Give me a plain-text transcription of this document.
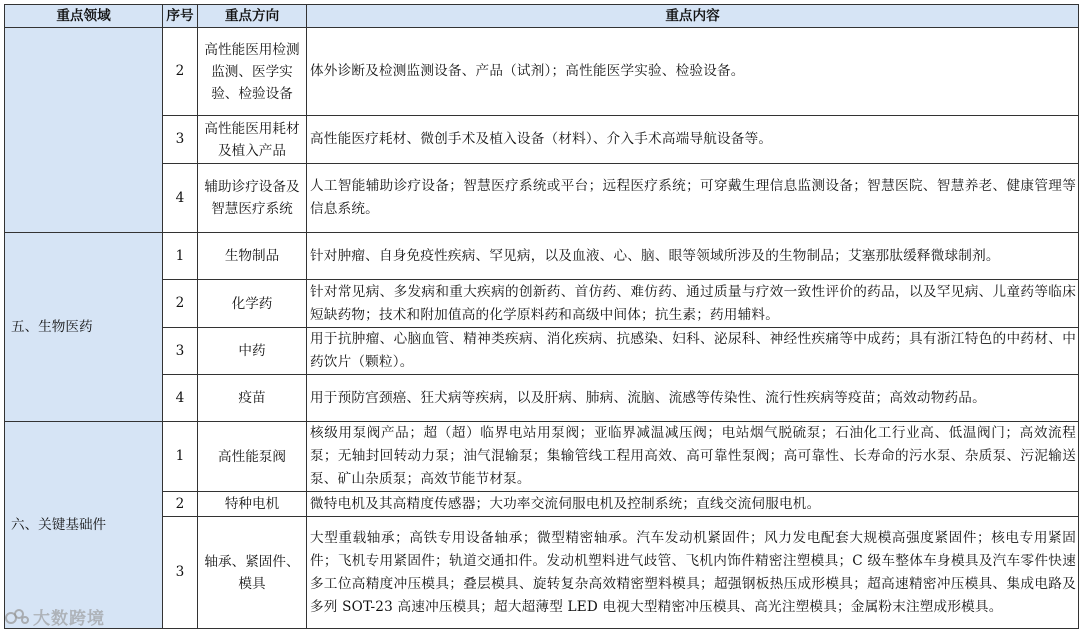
重点领域	序号	重点方向	重点内容
	2	高性能医用检测监测、医学实验、检验设备	体外诊断及检测监测设备、产品（试剂）；高性能医学实验、检验设备。
	3	高性能医用耗材及植入产品	高性能医疗耗材、微创手术及植入设备（材料）、介入手术高端导航设备等。
	4	辅助诊疗设备及智慧医疗系统	人工智能辅助诊疗设备；智慧医疗系统或平台；远程医疗系统；可穿戴生理信息监测设备；智慧医院、智慧养老、健康管理等信息系统。
五、生物医药	1	生物制品	针对肿瘤、自身免疫性疾病、罕见病，以及血液、心、脑、眼等领域所涉及的生物制品；艾塞那肽缓释微球制剂。
	2	化学药	针对常见病、多发病和重大疾病的创新药、首仿药、难仿药、通过质量与疗效一致性评价的药品，以及罕见病、儿童药等临床短缺药物；技术和附加值高的化学原料药和高级中间体；抗生素；药用辅料。
	3	中药	用于抗肿瘤、心脑血管、精神类疾病、消化疾病、抗感染、妇科、泌尿科、神经性疾痛等中成药；具有浙江特色的中药材、中药饮片（颗粒）。
	4	疫苗	用于预防宫颈癌、狂犬病等疾病，以及肝病、肺病、流脑、流感等传染性、流行性疾病等疫苗；高效动物药品。
六、关键基础件	1	高性能泵阀	核级用泵阀产品；超（超）临界电站用泵阀；亚临界减温减压阀；电站烟气脱硫泵；石油化工行业高、低温阀门；高效流程泵；无轴封回转动力泵；油气混输泵；集输管线工程用高效、高可靠性泵阀；高可靠性、长寿命的污水泵、杂质泵、污泥输送泵、矿山杂质泵；高效节能节材泵。
	2	特种电机	微特电机及其高精度传感器；大功率交流伺服电机及控制系统；直线交流伺服电机。
	3	轴承、紧固件、模具	大型重载轴承；高铁专用设备轴承；微型精密轴承。汽车发动机紧固件；风力发电配套大规模高强度紧固件；核电专用紧固件；飞机专用紧固件；轨道交通扣件。发动机塑料进气歧管、飞机内饰件精密注塑模具；C 级车整体车身模具及汽车零件快速多工位高精度冲压模具；叠层模具、旋转复杂高效精密塑料模具；超强钢板热压成形模具；超高速精密冲压模具、集成电路及多列 SOT-23 高速冲压模具；超大超薄型 LED 电视大型精密冲压模具、高光注塑模具；金属粉末注塑成形模具。
大数跨境
